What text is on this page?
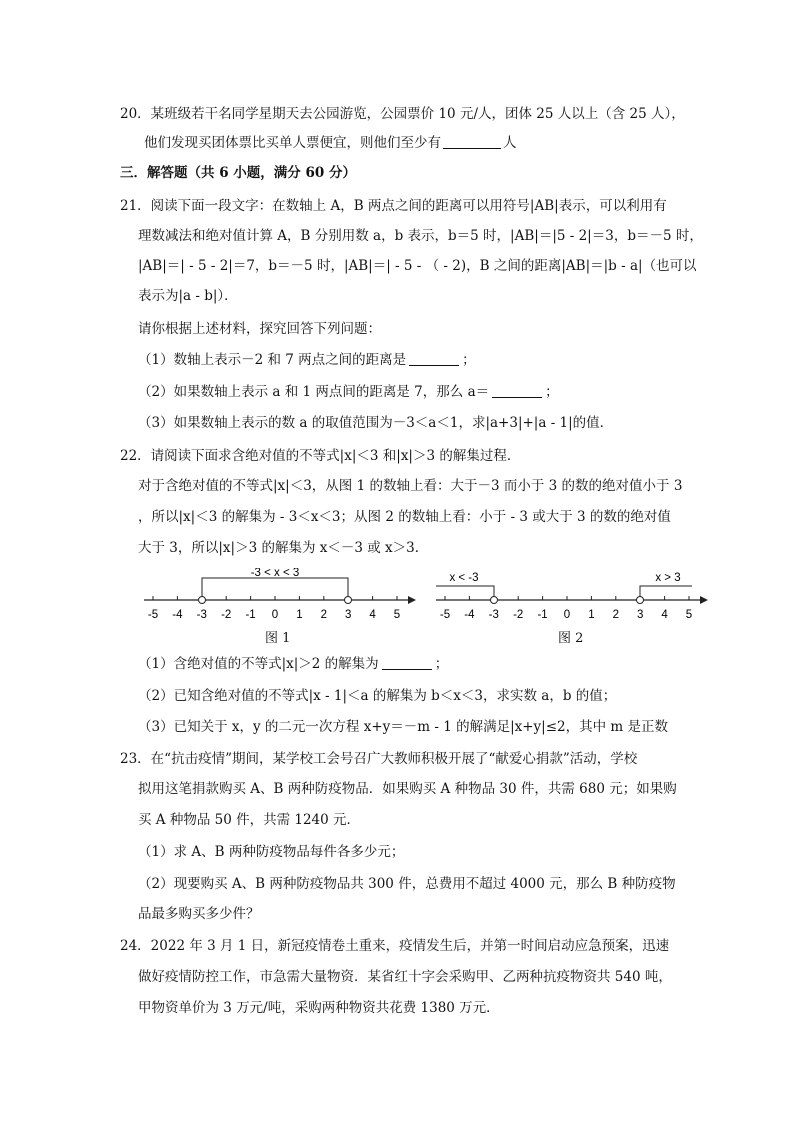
20．某班级若干名同学星期天去公园游览，公园票价 10 元/人，团体 25 人以上（含 25 人），
他们发现买团体票比买单人票便宜，则他们至少有	人
三．解答题（共 6 小题，满分 60 分）
21．阅读下面一段文字：在数轴上 A，B 两点之间的距离可以用符号|AB|表示，可以利用有
理数减法和绝对值计算 A，B 分别用数 a，b 表示，b＝5 时，|AB|＝|5 - 2|＝3，b＝－5 时，
|AB|＝| - 5 - 2|＝7，b＝－5 时，|AB|＝| - 5 - （ - 2)，B 之间的距离|AB|＝|b - a|（也可以
表示为|a - b|）．
请你根据上述材料，探究回答下列问题：
（1）数轴上表示－2 和 7 两点之间的距离是	；
（2）如果数轴上表示 a 和 1 两点间的距离是 7，那么 a＝	；
（3）如果数轴上表示的数 a 的取值范围为－3＜a＜1，求|a+3|+|a - 1|的值．
22．请阅读下面求含绝对值的不等式|x|＜3 和|x|＞3 的解集过程．
对于含绝对值的不等式|x|＜3，从图 1 的数轴上看：大于－3 而小于 3 的数的绝对值小于 3
，所以|x|＜3 的解集为 - 3＜x＜3；从图 2 的数轴上看：小于 - 3 或大于 3 的数的绝对值
大于 3，所以|x|＞3 的解集为 x＜－3 或 x＞3．
-5 -4 -3 -2 -1 0 1 2 3 4 5
-3 < x < 3
图 1
-5 -4 -3 -2 -1 0 1 2 3 4 5
x < -3	x > 3
图 2
（1）含绝对值的不等式|x|＞2 的解集为	；
（2）已知含绝对值的不等式|x - 1|＜a 的解集为 b＜x＜3，求实数 a，b 的值；
（3）已知关于 x，y 的二元一次方程 x+y＝－m - 1 的解满足|x+y|≤2，其中 m 是正数
23．在“抗击疫情”期间，某学校工会号召广大教师积极开展了“献爱心捐款”活动，学校
拟用这笔捐款购买 A、B 两种防疫物品．如果购买 A 种物品 30 件，共需 680 元；如果购
买 A 种物品 50 件，共需 1240 元．
（1）求 A、B 两种防疫物品每件各多少元；
（2）现要购买 A、B 两种防疫物品共 300 件，总费用不超过 4000 元，那么 B 种防疫物
品最多购买多少件？
24．2022 年 3 月 1 日，新冠疫情卷土重来，疫情发生后，并第一时间启动应急预案，迅速
做好疫情防控工作，市急需大量物资．某省红十字会采购甲、乙两种抗疫物资共 540 吨，
甲物资单价为 3 万元/吨，采购两种物资共花费 1380 万元．
